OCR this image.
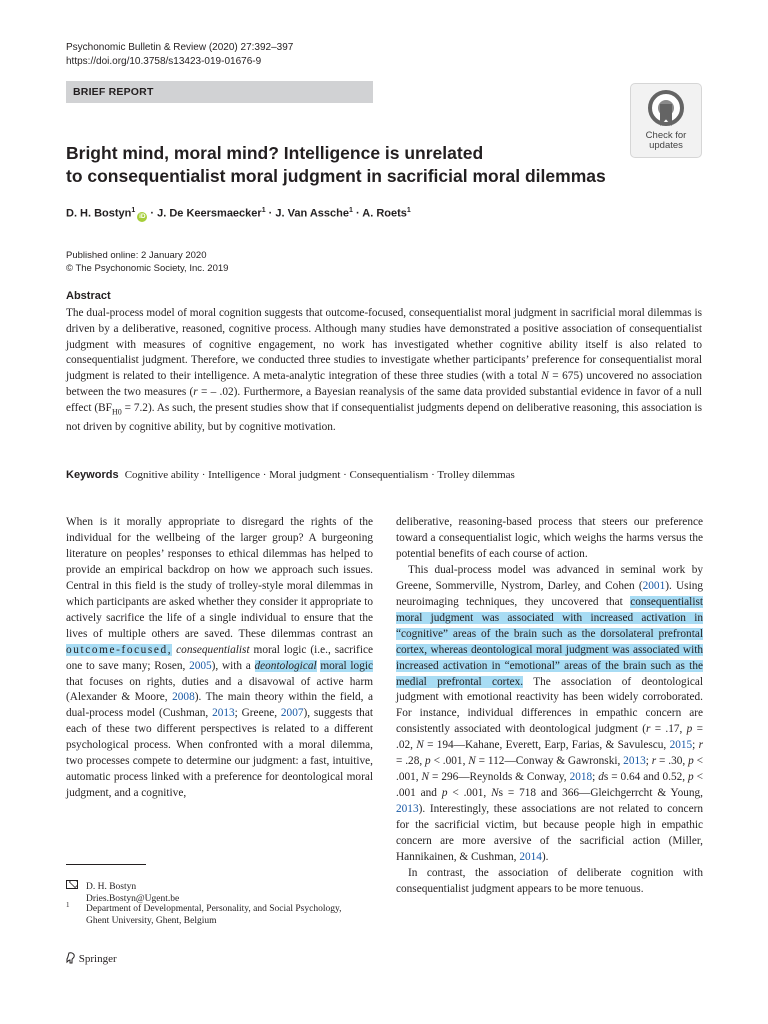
Psychonomic Bulletin & Review (2020) 27:392–397
https://doi.org/10.3758/s13423-019-01676-9
BRIEF REPORT
Check for
updates
Bright mind, moral mind? Intelligence is unrelated
to consequentialist moral judgment in sacrificial moral dilemmas
D. H. Bostyn$^1$iD · J. De Keersmaecker$^1$ · J. Van Assche$^1$ · A. Roets$^1$
Published online: 2 January 2020
© The Psychonomic Society, Inc. 2019
Abstract
The dual-process model of moral cognition suggests that outcome-focused, consequentialist moral judgment in sacrificial moral dilemmas is driven by a deliberative, reasoned, cognitive process. Although many studies have demonstrated a positive association of consequentialist judgment with measures of cognitive engagement, no work has investigated whether cognitive ability itself is also related to consequentialist judgment. Therefore, we conducted three studies to investigate whether participants’ preference for consequentialist moral judgment is related to their intelligence. A meta-analytic integration of these three studies (with a total N = 675) uncovered no association between the two measures (r = – .02). Furthermore, a Bayesian reanalysis of the same data provided substantial evidence in favor of a null effect $(BF_{H0} = 7.2)$. As such, the present studies show that if consequentialist judgments depend on deliberative reasoning, this association is not driven by cognitive ability, but by cognitive motivation.
Keywords Cognitive ability · Intelligence · Moral judgment · Consequentialism · Trolley dilemmas

When is it morally appropriate to disregard the rights of the individual for the wellbeing of the larger group? A burgeoning literature on peoples’ responses to ethical dilemmas has helped to provide an empirical backdrop on how we approach such issues. Central in this field is the study of trolley-style moral dilemmas in which participants are asked whether they consider it appropriate to actively sacrifice the life of a single individual to ensure that the lives of multiple others are saved. These dilemmas contrast an outcome-focused, consequentialist moral logic (i.e., sacrifice one to save many; Rosen, 2005), with a deontological moral logic that focuses on rights, duties and a disavowal of active harm (Alexander & Moore, 2008). The main theory within the field, a dual-process model (Cushman, 2013; Greene, 2007), suggests that each of these two different perspectives is related to a different psychological process. When confronted with a moral dilemma, two processes compete to determine our judgment: a fast, intuitive, automatic process linked with a preference for deontological moral judgment, and a cognitive,

D. H. Bostyn
Dries.Bostyn@Ugent.be
1 Department of Developmental, Personality, and Social Psychology,
Ghent University, Ghent, Belgium
Springer

deliberative, reasoning-based process that steers our preference toward a consequentialist logic, which weighs the harms versus the potential benefits of each course of action.

This dual-process model was advanced in seminal work by Greene, Sommerville, Nystrom, Darley, and Cohen (2001). Using neuroimaging techniques, they uncovered that consequentialist moral judgment was associated with increased activation in “cognitive” areas of the brain such as the dorsolateral prefrontal cortex, whereas deontological moral judgment was associated with increased activation in “emotional” areas of the brain such as the medial prefrontal cortex. The association of deontological judgment with emotional reactivity has been widely corroborated. For instance, individual differences in empathic concern are consistently associated with deontological judgment (r = .17, p = .02, N = 194—Kahane, Everett, Earp, Farias, & Savulescu, 2015; r = .28, p < .001, N = 112—Conway & Gawronski, 2013; r = .30, p < .001, N = 296—Reynolds & Conway, 2018; ds = 0.64 and 0.52, p < .001 and p < .001, Ns = 718 and 366—Gleichgerrcht & Young, 2013). Interestingly, these associations are not related to concern for the sacrificial victim, but because people high in empathic concern are more aversive of the sacrificial action (Miller, Hannikainen, & Cushman, 2014).

In contrast, the association of deliberate cognition with consequentialist judgment appears to be more tenuous.
